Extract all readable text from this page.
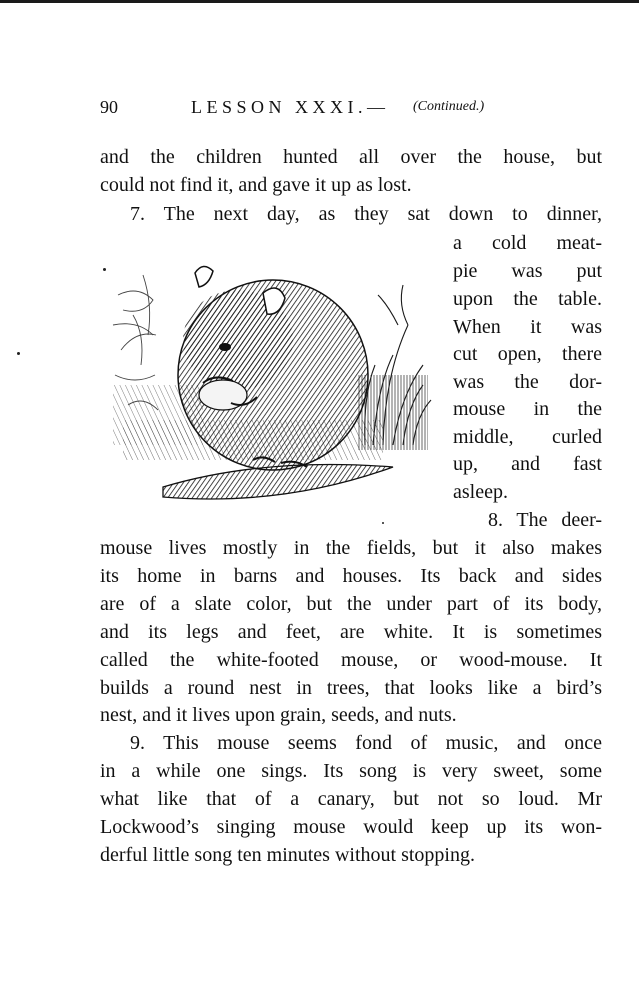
90	LESSON XXXI.— (Continued.)
and the children hunted all over the house, but
could not find it, and gave it up as lost.
7. The next day, as they sat down to dinner,
a cold meat-
pie was put
upon the table.
When it was
cut open, there
was the dor-
mouse in the
middle, curled
up, and fast
asleep.
8. The deer-
mouse lives mostly in the fields, but it also makes
its home in barns and houses. Its back and sides
are of a slate color, but the under part of its body,
and its legs and feet, are white. It is sometimes
called the white-footed mouse, or wood-mouse. It
builds a round nest in trees, that looks like a bird’s
nest, and it lives upon grain, seeds, and nuts.
9. This mouse seems fond of music, and once
in a while one sings. Its song is very sweet, some
what like that of a canary, but not so loud. Mr
Lockwood’s singing mouse would keep up its won-
derful little song ten minutes without stopping.
